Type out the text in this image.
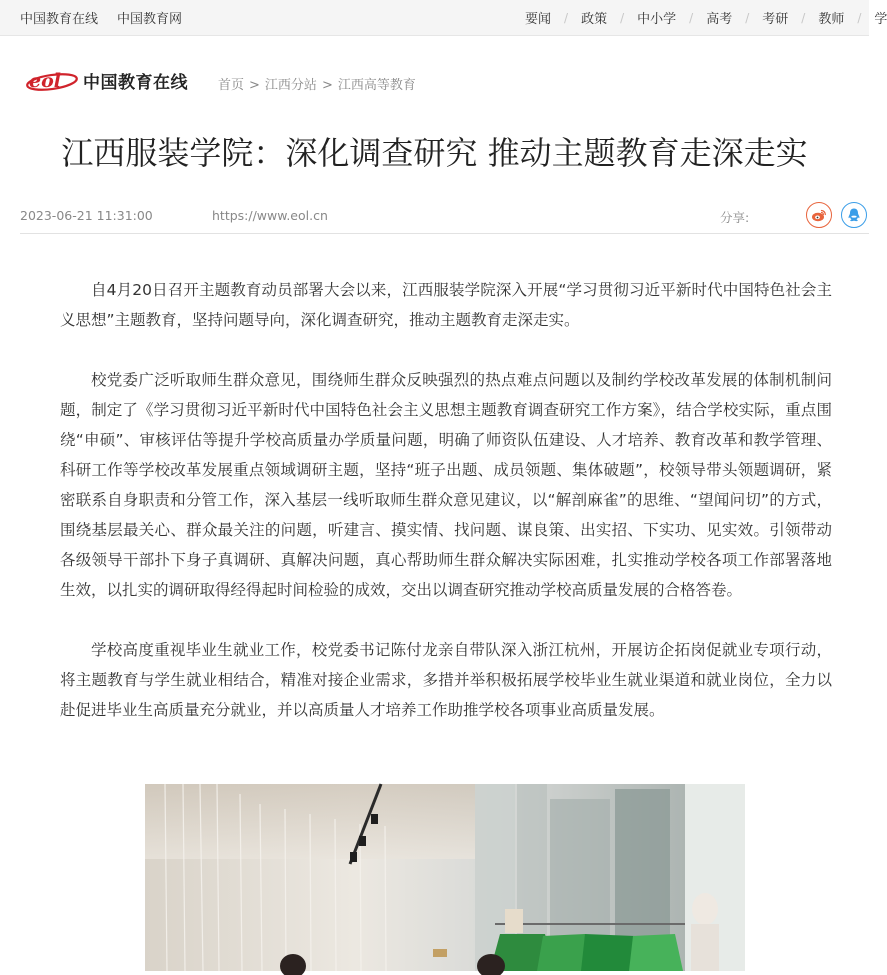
中国教育在线 中国教育网	要闻 / 政策 / 中小学 / 高考 / 考研 / 教师 / 学
eol 中国教育在线 首页 > 江西分站 > 江西高等教育
江西服装学院：深化调查研究 推动主题教育走深走实
2023-06-21 11:31:00	https://www.eol.cn	分享:

自4月20日召开主题教育动员部署大会以来，江西服装学院深入开展“学习贯彻习近平新时代中国特色社会主义思想”主题教育，坚持问题导向，深化调查研究，推动主题教育走深走实。

校党委广泛听取师生群众意见，围绕师生群众反映强烈的热点难点问题以及制约学校改革发展的体制机制问题，制定了《学习贯彻习近平新时代中国特色社会主义思想主题教育调查研究工作方案》，结合学校实际，重点围绕“申硕”、审核评估等提升学校高质量办学质量问题，明确了师资队伍建设、人才培养、教育改革和教学管理、科研工作等学校改革发展重点领域调研主题，坚持“班子出题、成员领题、集体破题”，校领导带头领题调研，紧密联系自身职责和分管工作，深入基层一线听取师生群众意见建议，以“解剖麻雀”的思维、“望闻问切”的方式，围绕基层最关心、群众最关注的问题，听建言、摸实情、找问题、谋良策、出实招、下实功、见实效。引领带动各级领导干部扑下身子真调研、真解决问题，真心帮助师生群众解决实际困难，扎实推动学校各项工作部署落地生效，以扎实的调研取得经得起时间检验的成效，交出以调查研究推动学校高质量发展的合格答卷。

学校高度重视毕业生就业工作，校党委书记陈付龙亲自带队深入浙江杭州，开展访企拓岗促就业专项行动，将主题教育与学生就业相结合，精准对接企业需求，多措并举积极拓展学校毕业生就业渠道和就业岗位，全力以赴促进毕业生高质量充分就业，并以高质量人才培养工作助推学校各项事业高质量发展。
